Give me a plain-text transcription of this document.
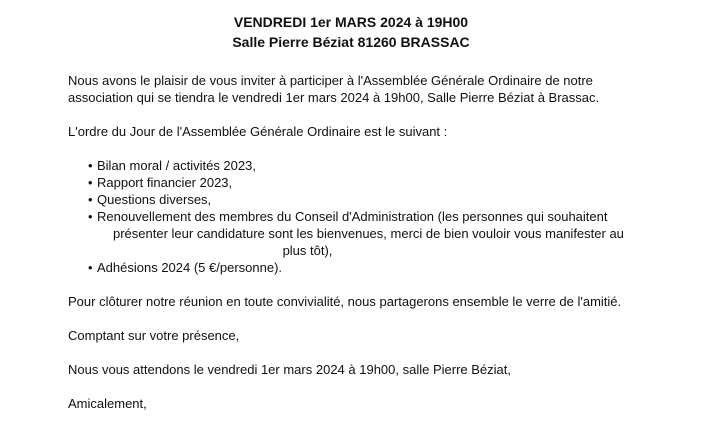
VENDREDI 1er MARS 2024 à 19H00
Salle Pierre Béziat 81260 BRASSAC

Nous avons le plaisir de vous inviter à participer à l'Assemblée Générale Ordinaire de notre
association qui se tiendra le vendredi 1er mars 2024 à 19h00, Salle Pierre Béziat à Brassac.

L'ordre du Jour de l'Assemblée Générale Ordinaire est le suivant :

• Bilan moral / activités 2023,
• Rapport financier 2023,
• Questions diverses,
• Renouvellement des membres du Conseil d'Administration (les personnes qui souhaitent
présenter leur candidature sont les bienvenues, merci de bien vouloir vous manifester au
plus tôt),
• Adhésions 2024 (5 €/personne).

Pour clôturer notre réunion en toute convivialité, nous partagerons ensemble le verre de l'amitié.

Comptant sur votre présence,

Nous vous attendons le vendredi 1er mars 2024 à 19h00, salle Pierre Béziat,

Amicalement,
